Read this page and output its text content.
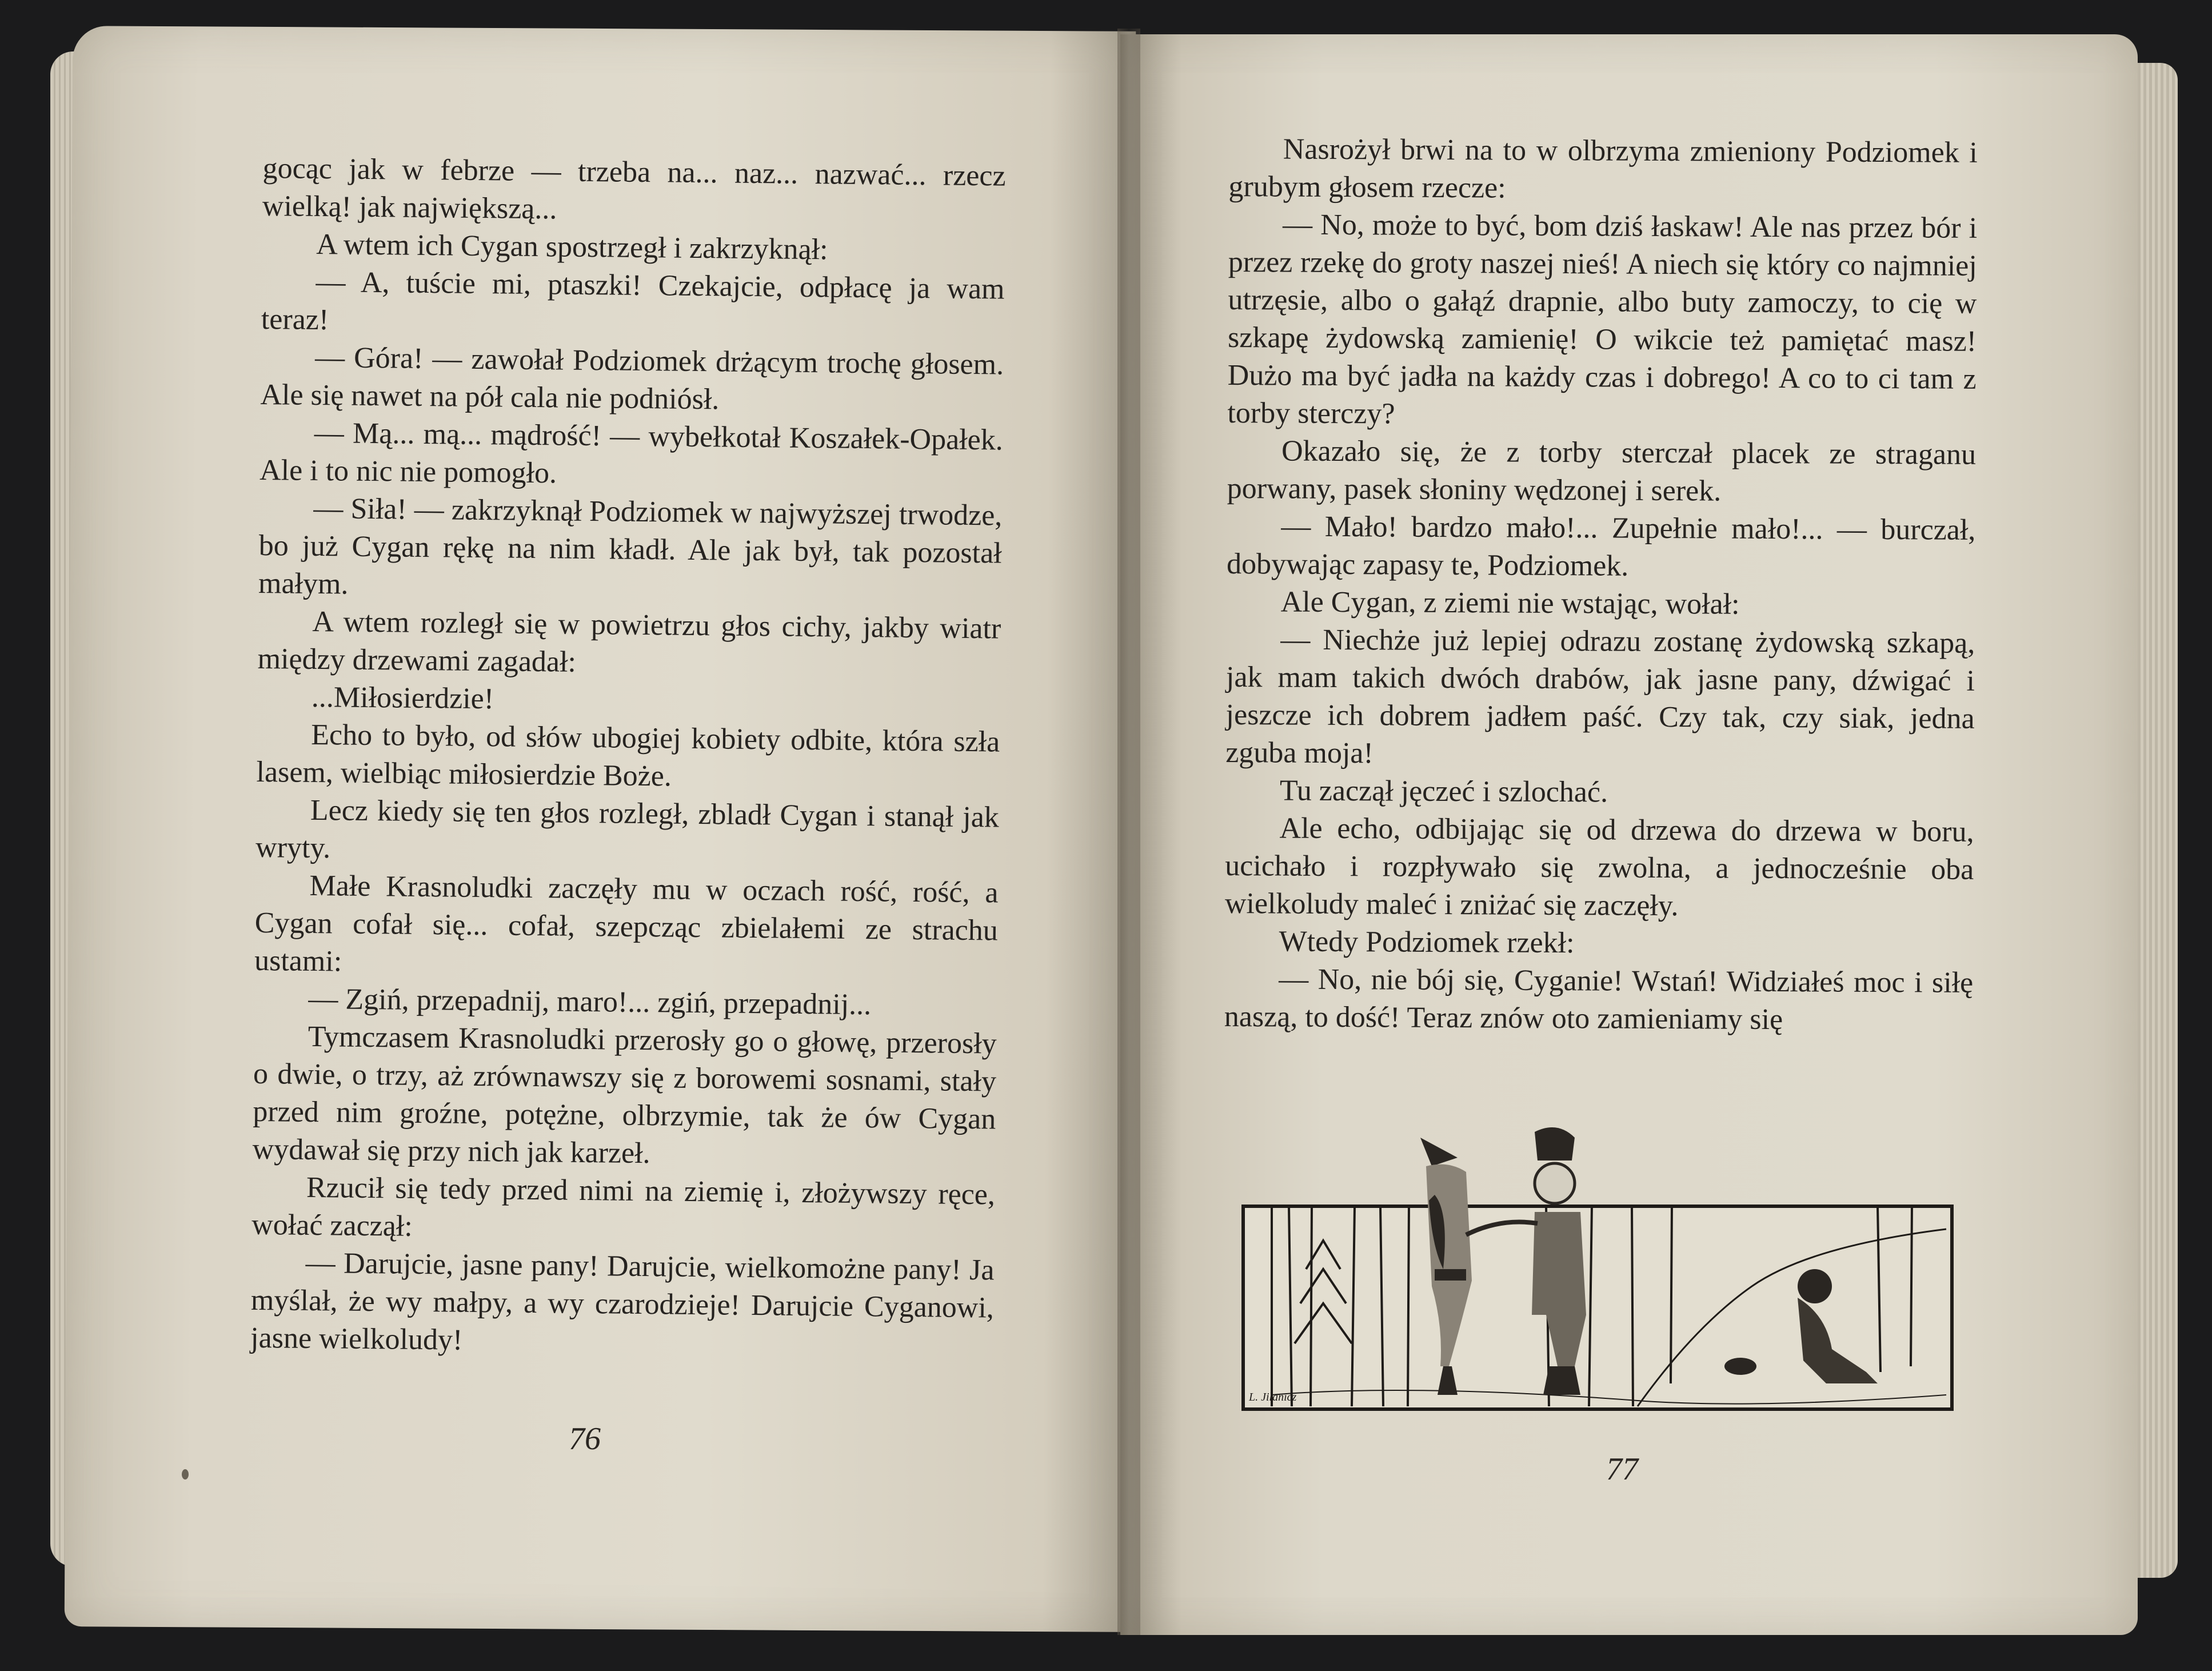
gocąc jak w febrze — trzeba na... naz... nazwać... rzecz wielką! jak największą...

A wtem ich Cygan spostrzegł i zakrzyknął:

— A, tuście mi, ptaszki! Czekajcie, odpłacę ja wam teraz!

— Góra! — zawołał Podziomek drżącym trochę głosem. Ale się nawet na pół cala nie podniósł.

— Mą... mą... mądrość! — wybełkotał Koszałek-Opałek. Ale i to nic nie pomogło.

— Siła! — zakrzyknął Podziomek w najwyższej trwodze, bo już Cygan rękę na nim kładł. Ale jak był, tak pozostał małym.

A wtem rozległ się w powietrzu głos cichy, jakby wiatr między drzewami zagadał:

...Miłosierdzie!

Echo to było, od słów ubogiej kobiety odbite, która szła lasem, wielbiąc miłosierdzie Boże.

Lecz kiedy się ten głos rozległ, zbladł Cygan i stanął jak wryty.

Małe Krasnoludki zaczęły mu w oczach rość, rość, a Cygan cofał się... cofał, szepcząc zbielałemi ze strachu ustami:

— Zgiń, przepadnij, maro!... zgiń, przepadnij...

Tymczasem Krasnoludki przerosły go o głowę, przerosły o dwie, o trzy, aż zrównawszy się z borowemi sosnami, stały przed nim groźne, potężne, olbrzymie, tak że ów Cygan wydawał się przy nich jak karzeł.

Rzucił się tedy przed nimi na ziemię i, złożywszy ręce, wołać zaczął:

— Darujcie, jasne pany! Darujcie, wielkomożne pany! Ja myślał, że wy małpy, a wy czarodzieje! Darujcie Cyganowi, jasne wielkoludy!

76

Nasrożył brwi na to w olbrzyma zmieniony Podziomek i grubym głosem rzecze:

— No, może to być, bom dziś łaskaw! Ale nas przez bór i przez rzekę do groty naszej nieś! A niech się który co najmniej utrzęsie, albo o gałąź drapnie, albo buty zamoczy, to cię w szkapę żydowską zamienię! O wikcie też pamiętać masz! Dużo ma być jadła na każdy czas i dobrego! A co to ci tam z torby sterczy?

Okazało się, że z torby sterczał placek ze straganu porwany, pasek słoniny wędzonej i serek.

— Mało! bardzo mało!... Zupełnie mało!... — burczał, dobywając zapasy te, Podziomek.

Ale Cygan, z ziemi nie wstając, wołał:

— Niechże już lepiej odrazu zostanę żydowską szkapą, jak mam takich dwóch drabów, jak jasne pany, dźwigać i jeszcze ich dobrem jadłem paść. Czy tak, czy siak, jedna zguba moja!

Tu zaczął jęczeć i szlochać.

Ale echo, odbijając się od drzewa do drzewa w boru, ucichało i rozpływało się zwolna, a jednocześnie oba wielkoludy maleć i zniżać się zaczęły.

Wtedy Podziomek rzekł:

— No, nie bój się, Cyganie! Wstań! Widziałeś moc i siłę naszą, to dość! Teraz znów oto zamieniamy się

L. Jilanicz
77
